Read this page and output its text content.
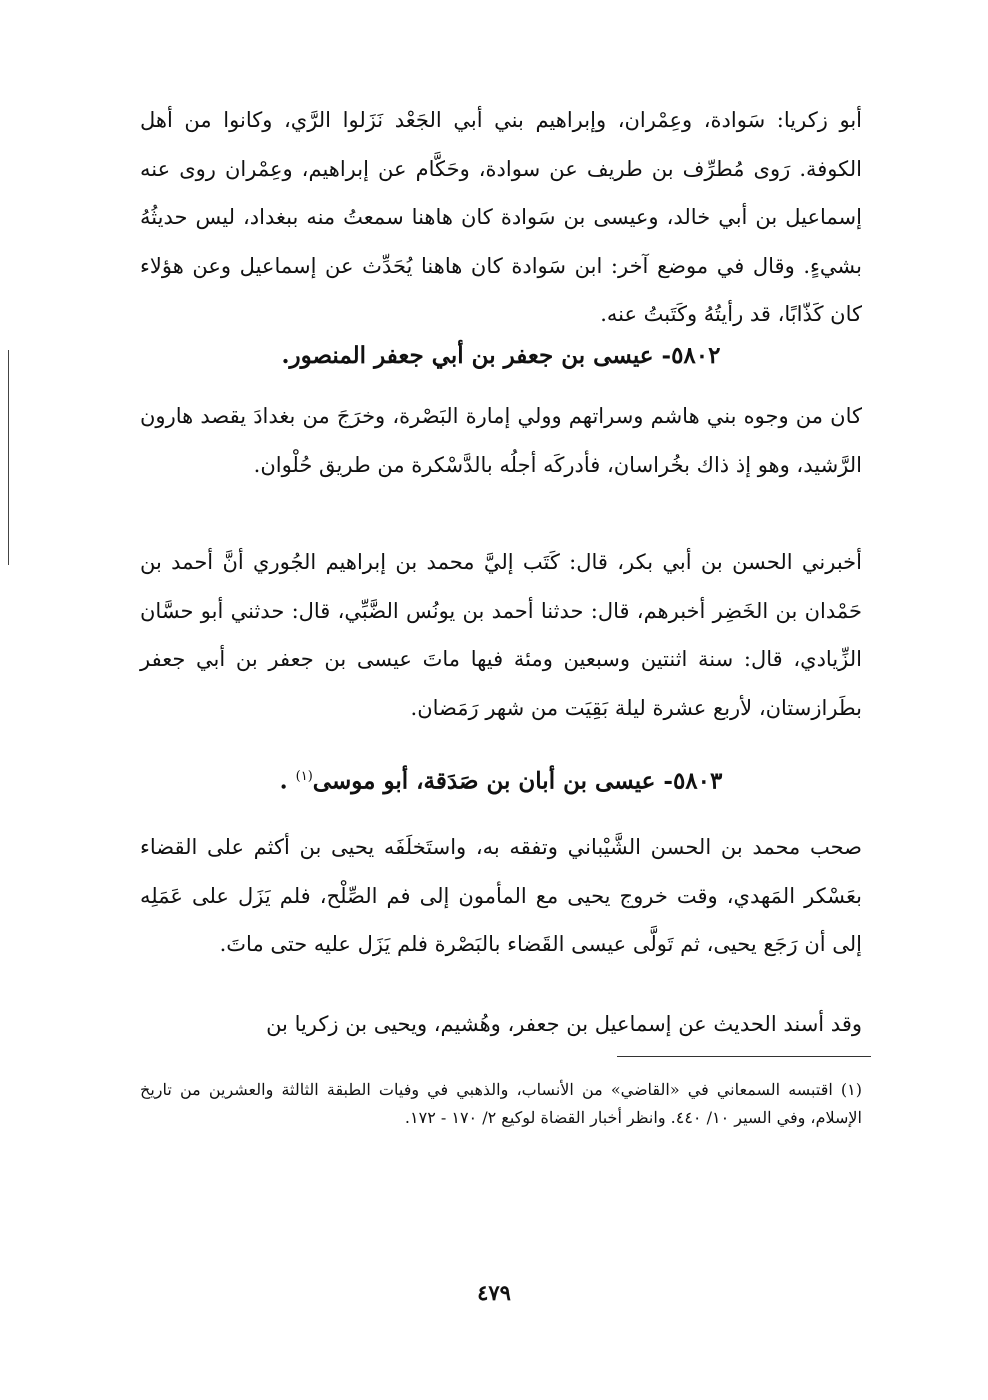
أبو زكريا: سَوادة، وعِمْران، وإبراهيم بني أبي الجَعْد نَزَلوا الرَّي، وكانوا من أهل الكوفة. رَوى مُطرِّف بن طريف عن سوادة، وحَكَّام عن إبراهيم، وعِمْران روى عنه إسماعيل بن أبي خالد، وعيسى بن سَوادة كان هاهنا سمعتُ منه ببغداد، ليس حديثُهُ بشيءٍ. وقال في موضع آخر: ابن سَوادة كان هاهنا يُحَدِّث عن إسماعيل وعن هؤلاء كان كَذّابًا، قد رأيتُهُ وكَتَبتُ عنه.

٥٨٠٢- عيسى بن جعفر بن أبي جعفر المنصور.

كان من وجوه بني هاشم وسراتهم وولي إمارة البَصْرة، وخرَجَ من بغدادَ يقصد هارون الرَّشيد، وهو إذ ذاك بخُراسان، فأدركَه أجلُه بالدَّسْكرة من طريق حُلْوان.

أخبرني الحسن بن أبي بكر، قال: كَتَب إليَّ محمد بن إبراهيم الجُوري أنَّ أحمد بن حَمْدان بن الخَضِر أخبرهم، قال: حدثنا أحمد بن يونُس الضَّبِّي، قال: حدثني أبو حسَّان الزِّيادي، قال: سنة اثنتين وسبعين ومئة فيها ماتَ عيسى بن جعفر بن أبي جعفر بطَرازستان، لأربع عشرة ليلة بَقِيَت من شهر رَمَضان.

٥٨٠٣- عيسى بن أبان بن صَدَقة، أبو موسى$^{(١)}$ .

صحب محمد بن الحسن الشَّيْباني وتفقه به، واستَخلَفَه يحيى بن أكثم على القضاء بعَسْكر المَهدي، وقت خروج يحيى مع المأمون إلى فم الصِّلْح، فلم يَزَل على عَمَلِه إلى أن رَجَع يحيى، ثم تَولَّى عيسى القَضاء بالبَصْرة فلم يَزَل عليه حتى ماتَ.

وقد أسند الحديث عن إسماعيل بن جعفر، وهُشيم، ويحيى بن زكريا بن

(١) اقتبسه السمعاني في «القاضي» من الأنساب، والذهبي في وفيات الطبقة الثالثة والعشرين من تاريخ الإسلام، وفي السير ١٠/ ٤٤٠. وانظر أخبار القضاة لوكيع ٢/ ١٧٠ - ١٧٢.

٤٧٩
